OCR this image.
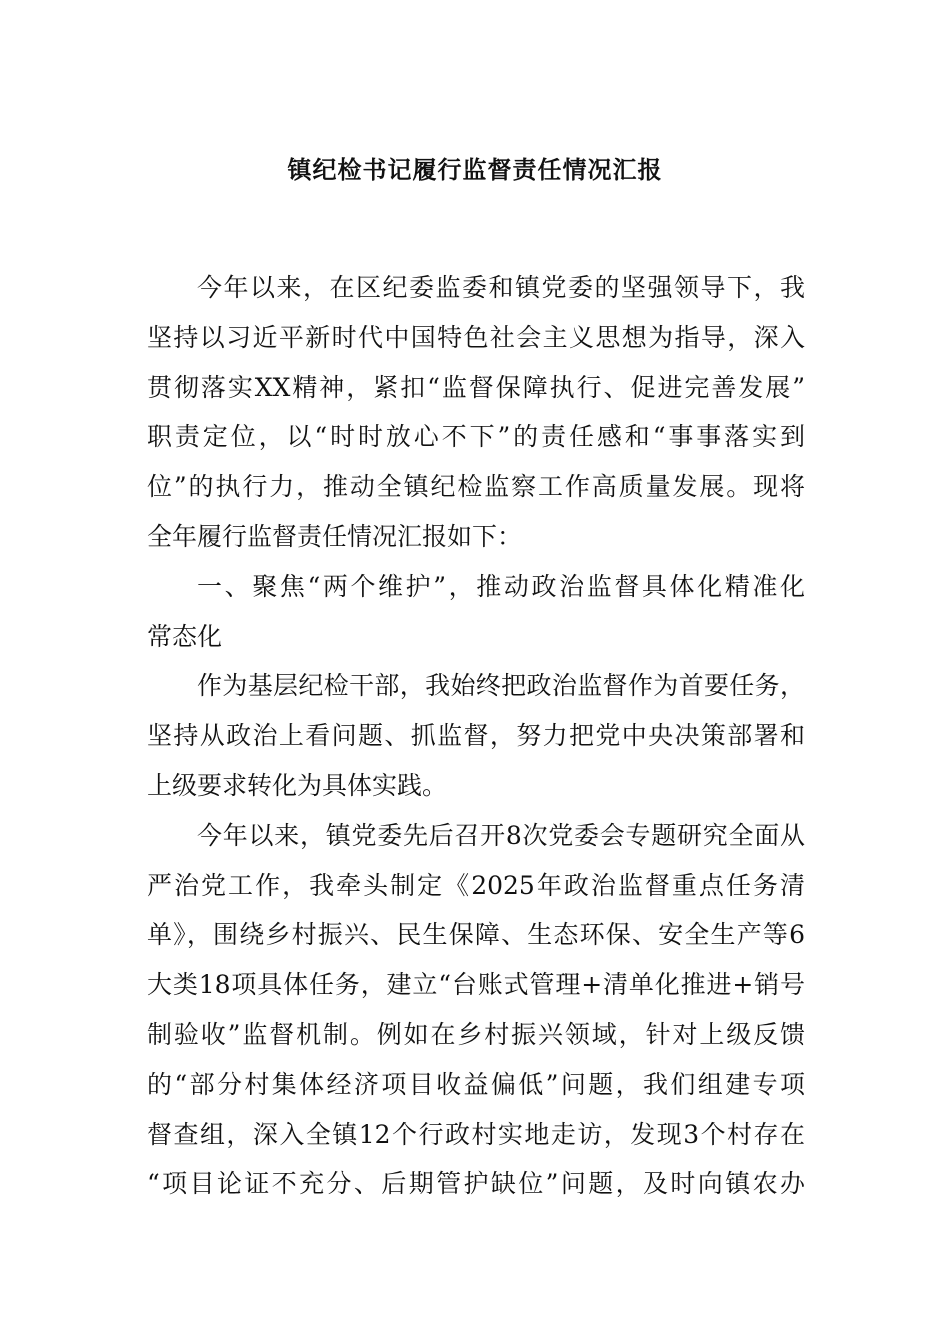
镇纪检书记履行监督责任情况汇报
今年以来，在区纪委监委和镇党委的坚强领导下，我
坚持以习近平新时代中国特色社会主义思想为指导，深入
贯彻落实XX精神，紧扣“监督保障执行、促进完善发展”
职责定位，以“时时放心不下”的责任感和“事事落实到
位”的执行力，推动全镇纪检监察工作高质量发展。现将
全年履行监督责任情况汇报如下：
一、聚焦“两个维护”，推动政治监督具体化精准化
常态化
作为基层纪检干部，我始终把政治监督作为首要任务，
坚持从政治上看问题、抓监督，努力把党中央决策部署和
上级要求转化为具体实践。
今年以来，镇党委先后召开8次党委会专题研究全面从
严治党工作，我牵头制定《2025年政治监督重点任务清
单》，围绕乡村振兴、民生保障、生态环保、安全生产等6
大类18项具体任务，建立“台账式管理+清单化推进+销号
制验收”监督机制。例如在乡村振兴领域，针对上级反馈
的“部分村集体经济项目收益偏低”问题，我们组建专项
督查组，深入全镇12个行政村实地走访，发现3个村存在
“项目论证不充分、后期管护缺位”问题，及时向镇农办
